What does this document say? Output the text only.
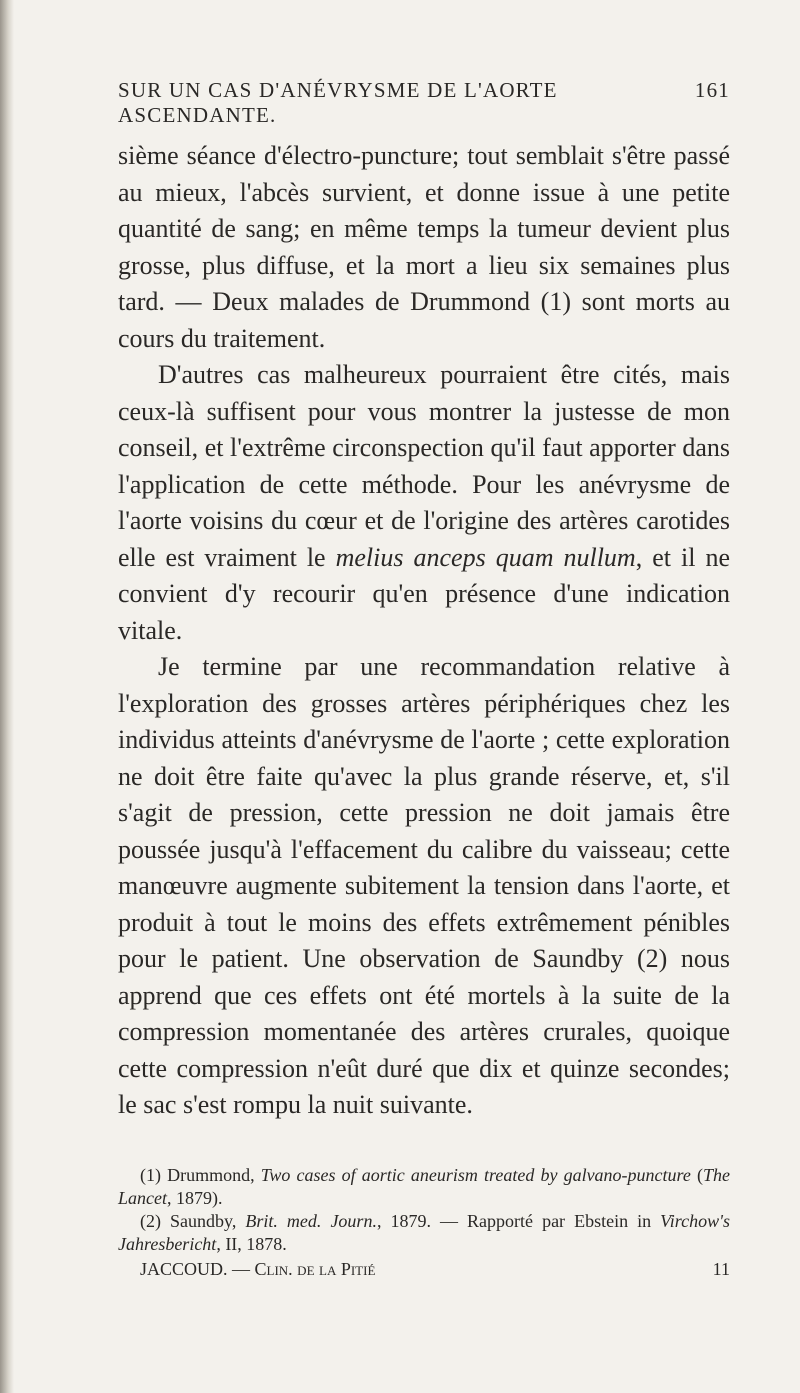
SUR UN CAS D'ANÉVRYSME DE L'AORTE ASCENDANTE.
161

sième séance d'électro-puncture; tout semblait s'être passé au mieux, l'abcès survient, et donne issue à une petite quantité de sang; en même temps la tumeur devient plus grosse, plus diffuse, et la mort a lieu six semaines plus tard. — Deux malades de Drummond (1) sont morts au cours du traitement.

D'autres cas malheureux pourraient être cités, mais ceux-là suffisent pour vous montrer la justesse de mon conseil, et l'extrême circonspection qu'il faut apporter dans l'application de cette méthode. Pour les anévrysme de l'aorte voisins du cœur et de l'origine des artères carotides elle est vraiment le melius anceps quam nullum, et il ne convient d'y recourir qu'en présence d'une indication vitale.

Je termine par une recommandation relative à l'exploration des grosses artères périphériques chez les individus atteints d'anévrysme de l'aorte ; cette exploration ne doit être faite qu'avec la plus grande réserve, et, s'il s'agit de pression, cette pression ne doit jamais être poussée jusqu'à l'effacement du calibre du vaisseau; cette manœuvre augmente subitement la tension dans l'aorte, et produit à tout le moins des effets extrêmement pénibles pour le patient. Une observation de Saundby (2) nous apprend que ces effets ont été mortels à la suite de la compression momentanée des artères crurales, quoique cette compression n'eût duré que dix et quinze secondes; le sac s'est rompu la nuit suivante.

(1) Drummond, Two cases of aortic aneurism treated by galvano-puncture (The Lancet, 1879).

(2) Saundby, Brit. med. Journ., 1879. — Rapporté par Ebstein in Virchow's Jahresbericht, II, 1878.

JACCOUD. — Clin. de la Pitié	11
